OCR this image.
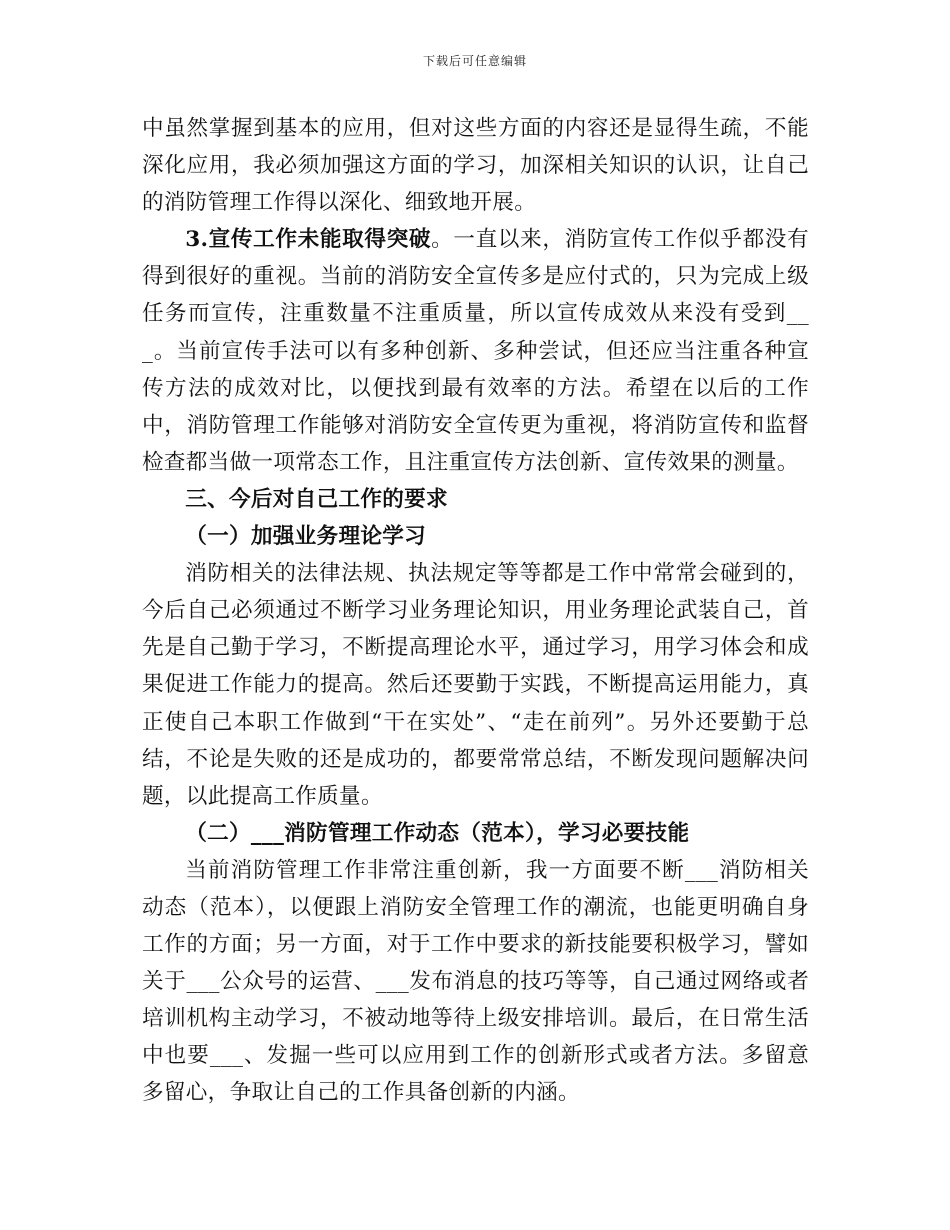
下载后可任意编辑

中虽然掌握到基本的应用，但对这些方面的内容还是显得生疏，不能深化应用，我必须加强这方面的学习，加深相关知识的认识，让自己的消防管理工作得以深化、细致地开展。

3.宣传工作未能取得突破。一直以来，消防宣传工作似乎都没有得到很好的重视。当前的消防安全宣传多是应付式的，只为完成上级任务而宣传，注重数量不注重质量，所以宣传成效从来没有受到___。当前宣传手法可以有多种创新、多种尝试，但还应当注重各种宣传方法的成效对比，以便找到最有效率的方法。希望在以后的工作中，消防管理工作能够对消防安全宣传更为重视，将消防宣传和监督检查都当做一项常态工作，且注重宣传方法创新、宣传效果的测量。

三、今后对自己工作的要求

（一）加强业务理论学习

消防相关的法律法规、执法规定等等都是工作中常常会碰到的，今后自己必须通过不断学习业务理论知识，用业务理论武装自己，首先是自己勤于学习，不断提高理论水平，通过学习，用学习体会和成果促进工作能力的提高。然后还要勤于实践，不断提高运用能力，真正使自己本职工作做到“干在实处”、“走在前列”。另外还要勤于总结，不论是失败的还是成功的，都要常常总结，不断发现问题解决问题，以此提高工作质量。

（二）___消防管理工作动态（范本），学习必要技能

当前消防管理工作非常注重创新，我一方面要不断___消防相关动态（范本），以便跟上消防安全管理工作的潮流，也能更明确自身工作的方面；另一方面，对于工作中要求的新技能要积极学习，譬如关于___公众号的运营、___发布消息的技巧等等，自己通过网络或者培训机构主动学习，不被动地等待上级安排培训。最后，在日常生活中也要___、发掘一些可以应用到工作的创新形式或者方法。多留意多留心，争取让自己的工作具备创新的内涵。
